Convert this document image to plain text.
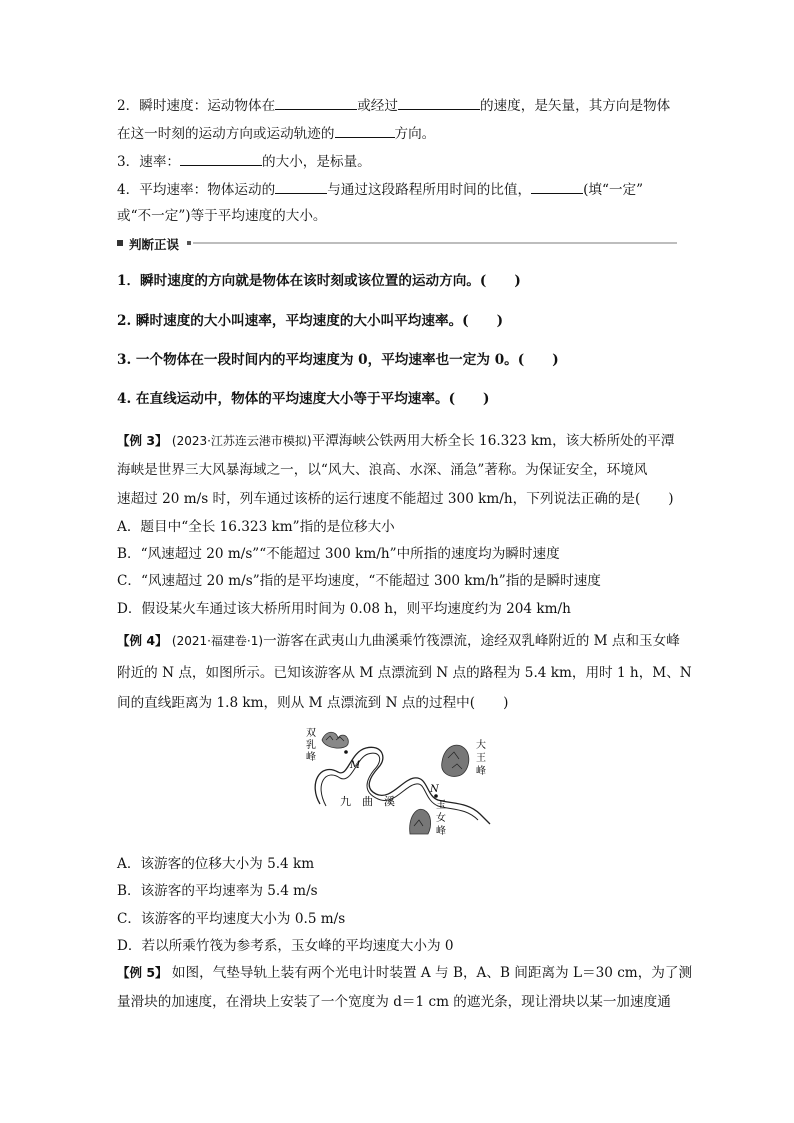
2．瞬时速度：运动物体在	或经过	的速度，是矢量，其方向是物体
在这一时刻的运动方向或运动轨迹的	方向。
3．速率：	的大小，是标量。
4．平均速率：物体运动的	与通过这段路程所用时间的比值，	(填“一定”
或“不一定”)等于平均速度的大小。
判断正误
1．瞬时速度的方向就是物体在该时刻或该位置的运动方向。( )
2. 瞬时速度的大小叫速率，平均速度的大小叫平均速率。( )
3. 一个物体在一段时间内的平均速度为 0，平均速率也一定为 0。( )
4. 在直线运动中，物体的平均速度大小等于平均速率。( )
【例 3】 (2023·江苏连云港市模拟)平潭海峡公铁两用大桥全长 16.323 km，该大桥所处的平潭
海峡是世界三大风暴海域之一，以“风大、浪高、水深、涌急”著称。为保证安全，环境风
速超过 20 m/s 时，列车通过该桥的运行速度不能超过 300 km/h，下列说法正确的是( )
A．题目中“全长 16.323 km”指的是位移大小
B．“风速超过 20 m/s”“不能超过 300 km/h”中所指的速度均为瞬时速度
C．“风速超过 20 m/s”指的是平均速度，“不能超过 300 km/h”指的是瞬时速度
D．假设某火车通过该大桥所用时间为 0.08 h，则平均速度约为 204 km/h
【例 4】 (2021·福建卷·1)一游客在武夷山九曲溪乘竹筏漂流，途经双乳峰附近的 M 点和玉女峰
附近的 N 点，如图所示。已知该游客从 M 点漂流到 N 点的路程为 5.4 km，用时 1 h，M、N
间的直线距离为 1.8 km，则从 M 点漂流到 N 点的过程中( )
双
乳
峰
大
王
峰
玉
女
峰
M
N
九　曲　溪
A．该游客的位移大小为 5.4 km
B．该游客的平均速率为 5.4 m/s
C．该游客的平均速度大小为 0.5 m/s
D．若以所乘竹筏为参考系，玉女峰的平均速度大小为 0
【例 5】 如图，气垫导轨上装有两个光电计时装置 A 与 B，A、B 间距离为 L＝30 cm，为了测
量滑块的加速度，在滑块上安装了一个宽度为 d＝1 cm 的遮光条，现让滑块以某一加速度通
